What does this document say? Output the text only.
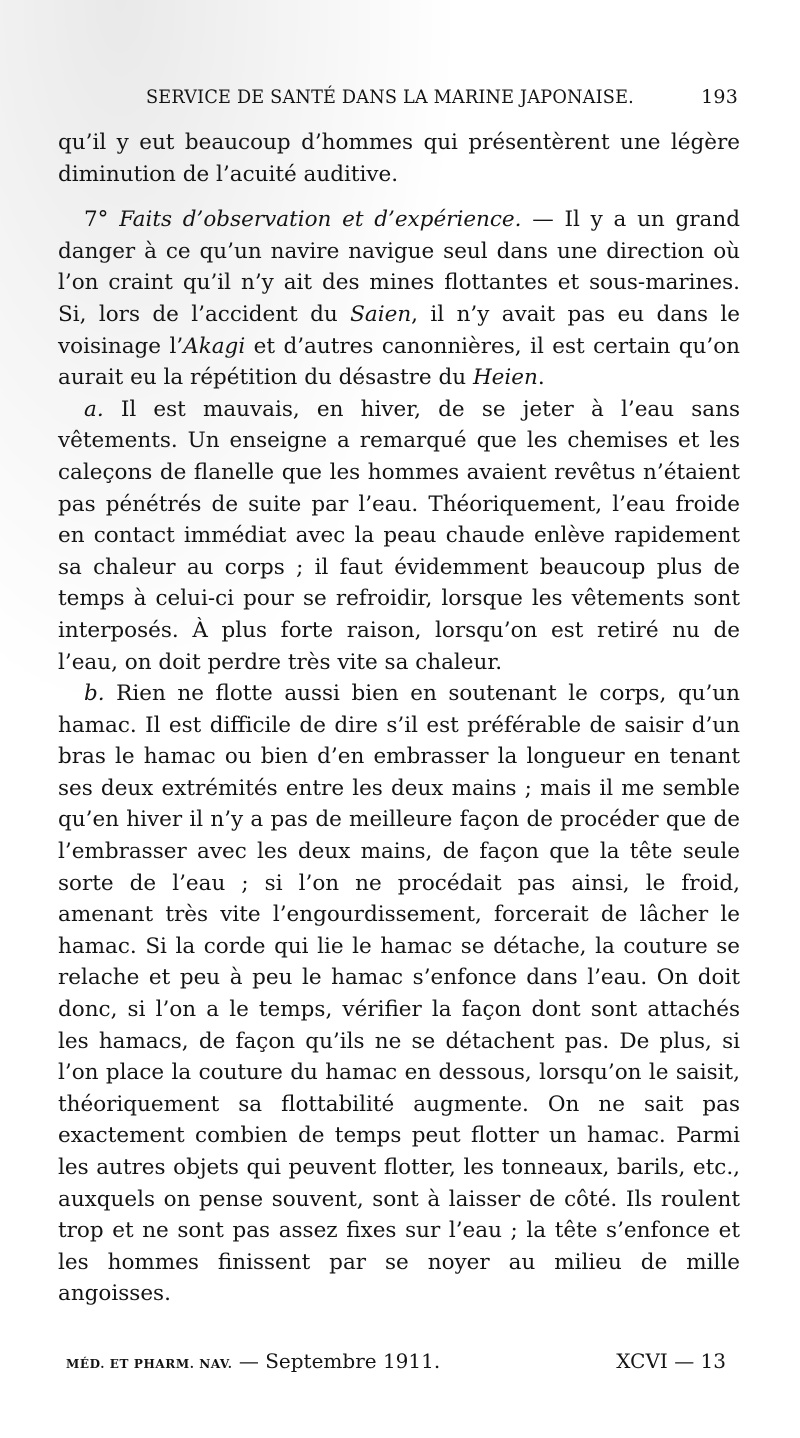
SERVICE DE SANTÉ DANS LA MARINE JAPONAISE.	193

qu’il y eut beaucoup d’hommes qui présentèrent une légère diminution de l’acuité auditive.

7° Faits d’observation et d’expérience. — Il y a un grand danger à ce qu’un navire navigue seul dans une direction où l’on craint qu’il n’y ait des mines flottantes et sous-marines. Si, lors de l’accident du Saien, il n’y avait pas eu dans le voisinage l’Akagi et d’autres canonnières, il est certain qu’on aurait eu la répétition du désastre du Heien.

a. Il est mauvais, en hiver, de se jeter à l’eau sans vêtements. Un enseigne a remarqué que les chemises et les caleçons de flanelle que les hommes avaient revêtus n’étaient pas pénétrés de suite par l’eau. Théoriquement, l’eau froide en contact immédiat avec la peau chaude enlève rapidement sa chaleur au corps ; il faut évidemment beaucoup plus de temps à celui-ci pour se refroidir, lorsque les vêtements sont interposés. À plus forte raison, lorsqu’on est retiré nu de l’eau, on doit perdre très vite sa chaleur.

b. Rien ne flotte aussi bien en soutenant le corps, qu’un hamac. Il est difficile de dire s’il est préférable de saisir d’un bras le hamac ou bien d’en embrasser la longueur en tenant ses deux extrémités entre les deux mains ; mais il me semble qu’en hiver il n’y a pas de meilleure façon de procéder que de l’embrasser avec les deux mains, de façon que la tête seule sorte de l’eau ; si l’on ne procédait pas ainsi, le froid, amenant très vite l’engourdissement, forcerait de lâcher le hamac. Si la corde qui lie le hamac se détache, la couture se relache et peu à peu le hamac s’enfonce dans l’eau. On doit donc, si l’on a le temps, vérifier la façon dont sont attachés les hamacs, de façon qu’ils ne se détachent pas. De plus, si l’on place la couture du hamac en dessous, lorsqu’on le saisit, théoriquement sa flottabilité augmente. On ne sait pas exactement combien de temps peut flotter un hamac. Parmi les autres objets qui peuvent flotter, les tonneaux, barils, etc., auxquels on pense souvent, sont à laisser de côté. Ils roulent trop et ne sont pas assez fixes sur l’eau ; la tête s’enfonce et les hommes finissent par se noyer au milieu de mille angoisses.

MÉD. ET PHARM. NAV. — Septembre 1911.	XCVI — 13
